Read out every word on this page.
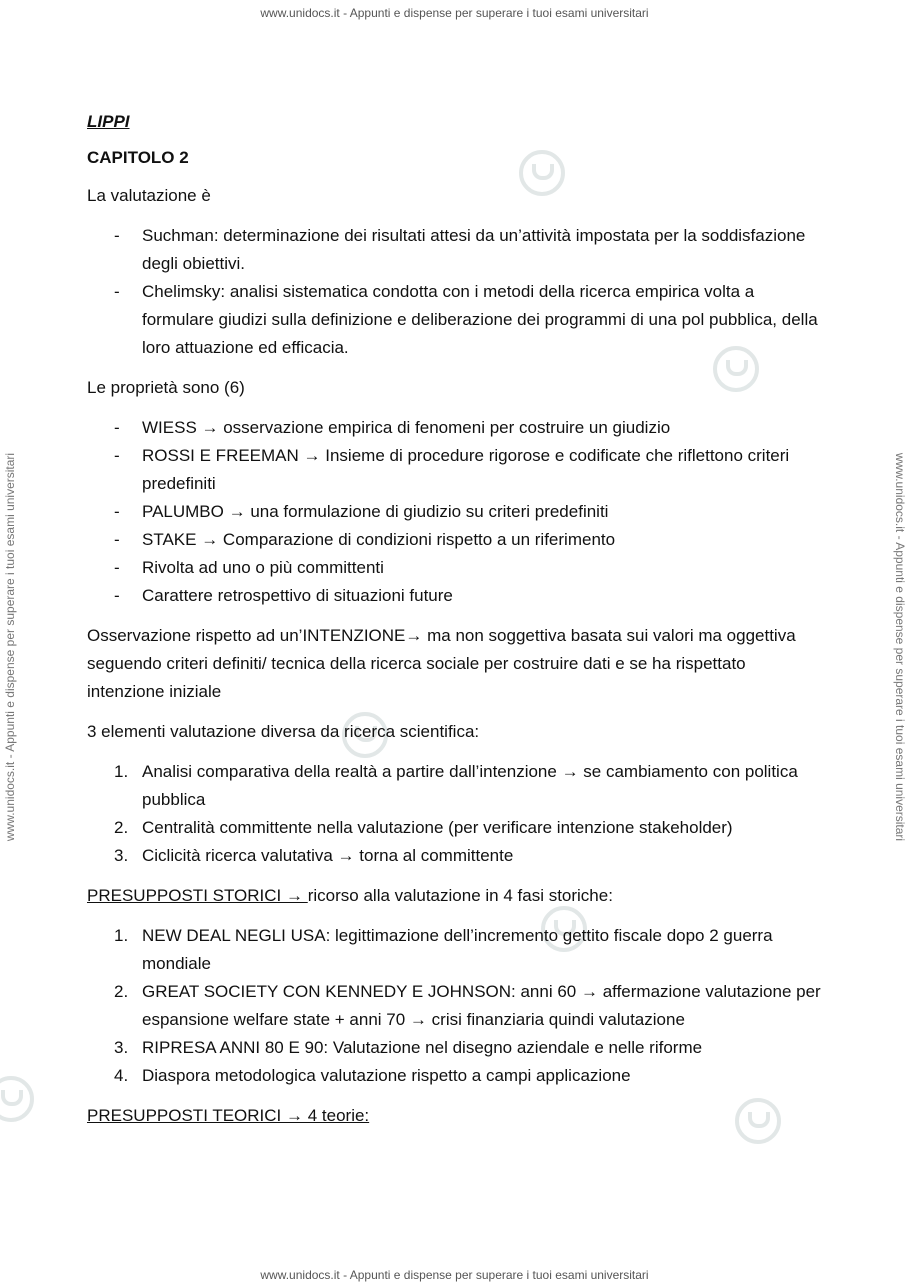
www.unidocs.it - Appunti e dispense per superare i tuoi esami universitari
www.unidocs.it - Appunti e dispense per superare i tuoi esami universitari
www.unidocs.it - Appunti e dispense per superare i tuoi esami universitari	www.unidocs.it - Appunti e dispense per superare i tuoi esami universitari
LIPPI
CAPITOLO 2

La valutazione è

- Suchman: determinazione dei risultati attesi da un’attività impostata per la soddisfazione degli obiettivi.
- Chelimsky: analisi sistematica condotta con i metodi della ricerca empirica volta a formulare giudizi sulla definizione e deliberazione dei programmi di una pol pubblica, della loro attuazione ed efficacia.

Le proprietà sono (6)

- WIESS → osservazione empirica di fenomeni per costruire un giudizio
- ROSSI E FREEMAN → Insieme di procedure rigorose e codificate che riflettono criteri predefiniti
- PALUMBO → una formulazione di giudizio su criteri predefiniti
- STAKE → Comparazione di condizioni rispetto a un riferimento
- Rivolta ad uno o più committenti
- Carattere retrospettivo di situazioni future

Osservazione rispetto ad un’INTENZIONE→ ma non soggettiva basata sui valori ma oggettiva seguendo criteri definiti/ tecnica della ricerca sociale per costruire dati e se ha rispettato intenzione iniziale

3 elementi valutazione diversa da ricerca scientifica:

1. Analisi comparativa della realtà a partire dall’intenzione → se cambiamento con politica pubblica
2. Centralità committente nella valutazione (per verificare intenzione stakeholder)
3. Ciclicità ricerca valutativa → torna al committente

PRESUPPOSTI STORICI → ricorso alla valutazione in 4 fasi storiche:

1. NEW DEAL NEGLI USA: legittimazione dell’incremento gettito fiscale dopo 2 guerra mondiale
2. GREAT SOCIETY CON KENNEDY E JOHNSON: anni 60 → affermazione valutazione per espansione welfare state + anni 70 → crisi finanziaria quindi valutazione
3. RIPRESA ANNI 80 E 90: Valutazione nel disegno aziendale e nelle riforme
4. Diaspora metodologica valutazione rispetto a campi applicazione

PRESUPPOSTI TEORICI → 4 teorie:
